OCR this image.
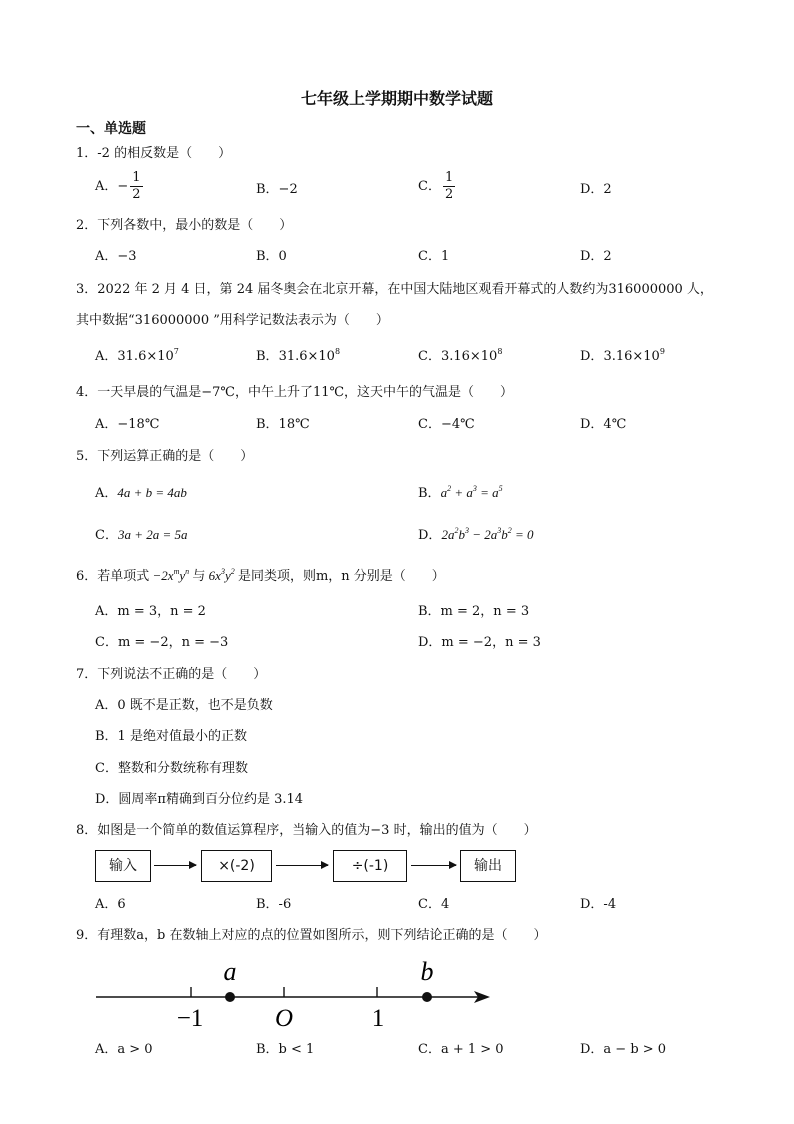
七年级上学期期中数学试题
一、单选题
1．-2 的相反数是（　　）
A．− $\frac{1}{2}$	B．−2	C． $\frac{1}{2}$	D．2
2．下列各数中，最小的数是（　　）
A．−3	B．0	C．1	D．2
3．2022 年 2 月 4 日，第 24 届冬奥会在北京开幕，在中国大陆地区观看开幕式的人数约为316000000 人，
其中数据“316000000 ”用科学记数法表示为（　　）
A．$31.6\times 10^7$	B．$31.6\times 10^8$	C．$3.16\times 10^8$	D．$3.16\times 10^9$
4．一天早晨的气温是−7℃，中午上升了11℃，这天中午的气温是（　　）
A．−18℃	B．18℃	C．−4℃	D．4℃
5．下列运算正确的是（　　）
A．4a + b = 4ab	B．$a^2 + a^3 = a^5$
C．3a + 2a = 5a	D．$2a^2b^3 - 2a^3b^2 = 0$
6．若单项式 $-2x^my^n$ 与 $6x^3y^2$ 是同类项，则m，n 分别是（　　）
A．m = 3，n = 2	B．m = 2，n = 3
C．m = −2，n = −3	D．m = −2，n = 3
7．下列说法不正确的是（　　）
A．0 既不是正数，也不是负数
B．1 是绝对值最小的正数
C．整数和分数统称有理数
D．圆周率π精确到百分位约是 3.14
8．如图是一个简单的数值运算程序，当输入的值为−3 时，输出的值为（　　）
输入	×(-2)	÷(-1)	输出
A．6	B．-6	C．4	D．-4
9．有理数a，b 在数轴上对应的点的位置如图所示，则下列结论正确的是（　　）
a	b
−1	O	1
A．a > 0	B．b < 1	C．a + 1 > 0	D．a − b > 0
